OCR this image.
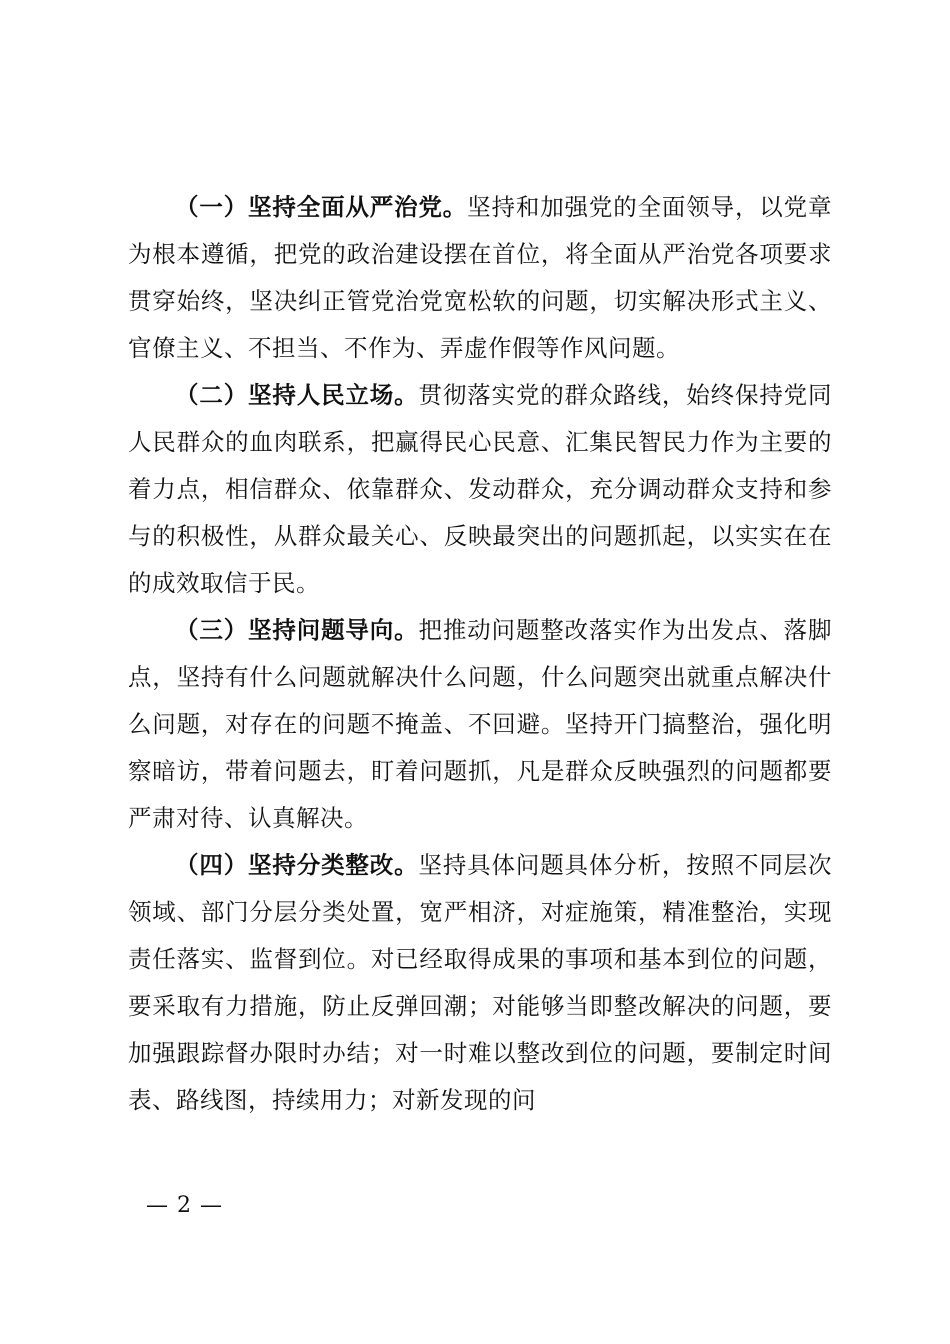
（一）坚持全面从严治党。坚持和加强党的全面领导，以党章为根本遵循，把党的政治建设摆在首位，将全面从严治党各项要求贯穿始终，坚决纠正管党治党宽松软的问题，切实解决形式主义、官僚主义、不担当、不作为、弄虚作假等作风问题。

（二）坚持人民立场。贯彻落实党的群众路线，始终保持党同人民群众的血肉联系，把赢得民心民意、汇集民智民力作为主要的着力点，相信群众、依靠群众、发动群众，充分调动群众支持和参与的积极性，从群众最关心、反映最突出的问题抓起，以实实在在的成效取信于民。

（三）坚持问题导向。把推动问题整改落实作为出发点、落脚点，坚持有什么问题就解决什么问题，什么问题突出就重点解决什么问题，对存在的问题不掩盖、不回避。坚持开门搞整治，强化明察暗访，带着问题去，盯着问题抓，凡是群众反映强烈的问题都要严肃对待、认真解决。

（四）坚持分类整改。坚持具体问题具体分析，按照不同层次领域、部门分层分类处置，宽严相济，对症施策，精准整治，实现责任落实、监督到位。对已经取得成果的事项和基本到位的问题，要采取有力措施，防止反弹回潮；对能够当即整改解决的问题，要加强跟踪督办限时办结；对一时难以整改到位的问题，要制定时间表、路线图，持续用力；对新发现的问

— 2 —
